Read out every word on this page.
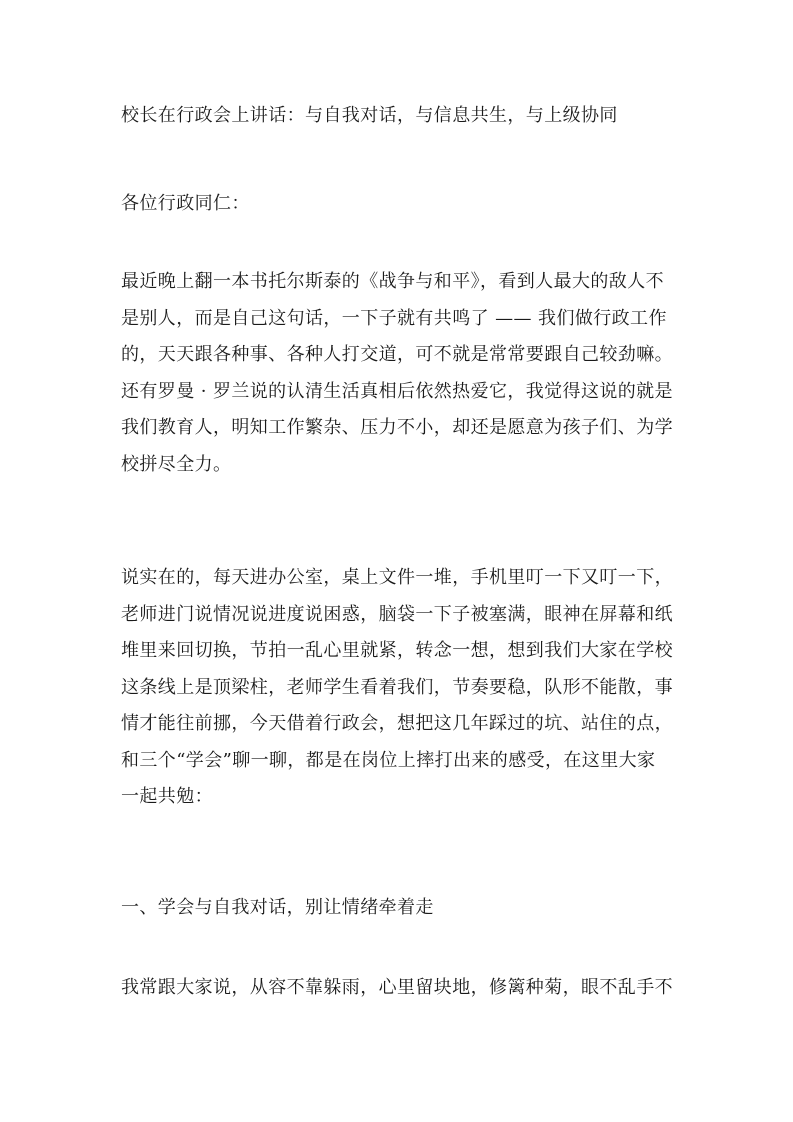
校长在行政会上讲话：与自我对话，与信息共生，与上级协同
各位行政同仁：
最近晚上翻一本书托尔斯泰的《战争与和平》，看到人最大的敌人不
是别人，而是自己这句话，一下子就有共鸣了 —— 我们做行政工作
的，天天跟各种事、各种人打交道，可不就是常常要跟自己较劲嘛。
还有罗曼 · 罗兰说的认清生活真相后依然热爱它，我觉得这说的就是
我们教育人，明知工作繁杂、压力不小，却还是愿意为孩子们、为学
校拼尽全力。
说实在的，每天进办公室，桌上文件一堆，手机里叮一下又叮一下，
老师进门说情况说进度说困惑，脑袋一下子被塞满，眼神在屏幕和纸
堆里来回切换，节拍一乱心里就紧，转念一想，想到我们大家在学校
这条线上是顶梁柱，老师学生看着我们，节奏要稳，队形不能散，事
情才能往前挪，今天借着行政会，想把这几年踩过的坑、站住的点，
和三个“学会”聊一聊，都是在岗位上摔打出来的感受，在这里大家
一起共勉：
一、学会与自我对话，别让情绪牵着走
我常跟大家说，从容不靠躲雨，心里留块地，修篱种菊，眼不乱手不
